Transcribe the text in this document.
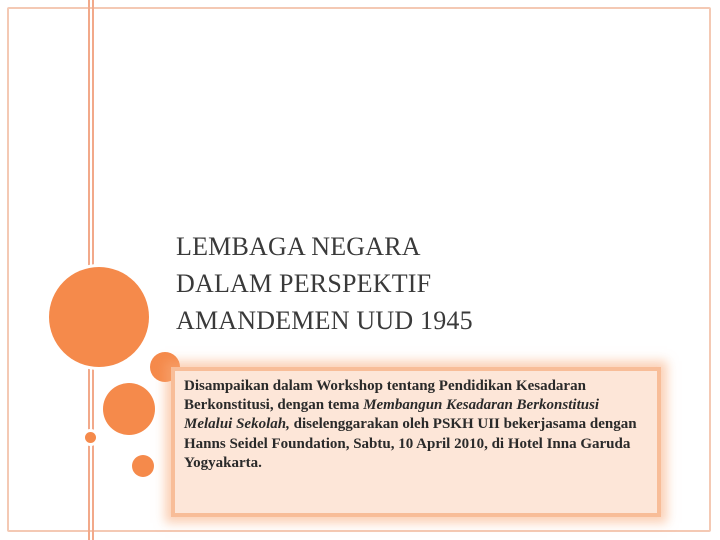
LEMBAGA NEGARA
DALAM PERSPEKTIF
AMANDEMEN UUD 1945

Disampaikan dalam Workshop tentang Pendidikan Kesadaran Berkonstitusi, dengan tema Membangun Kesadaran Berkonstitusi Melalui Sekolah, diselenggarakan oleh PSKH UII bekerjasama dengan Hanns Seidel Foundation, Sabtu, 10 April 2010, di Hotel Inna Garuda Yogyakarta.
